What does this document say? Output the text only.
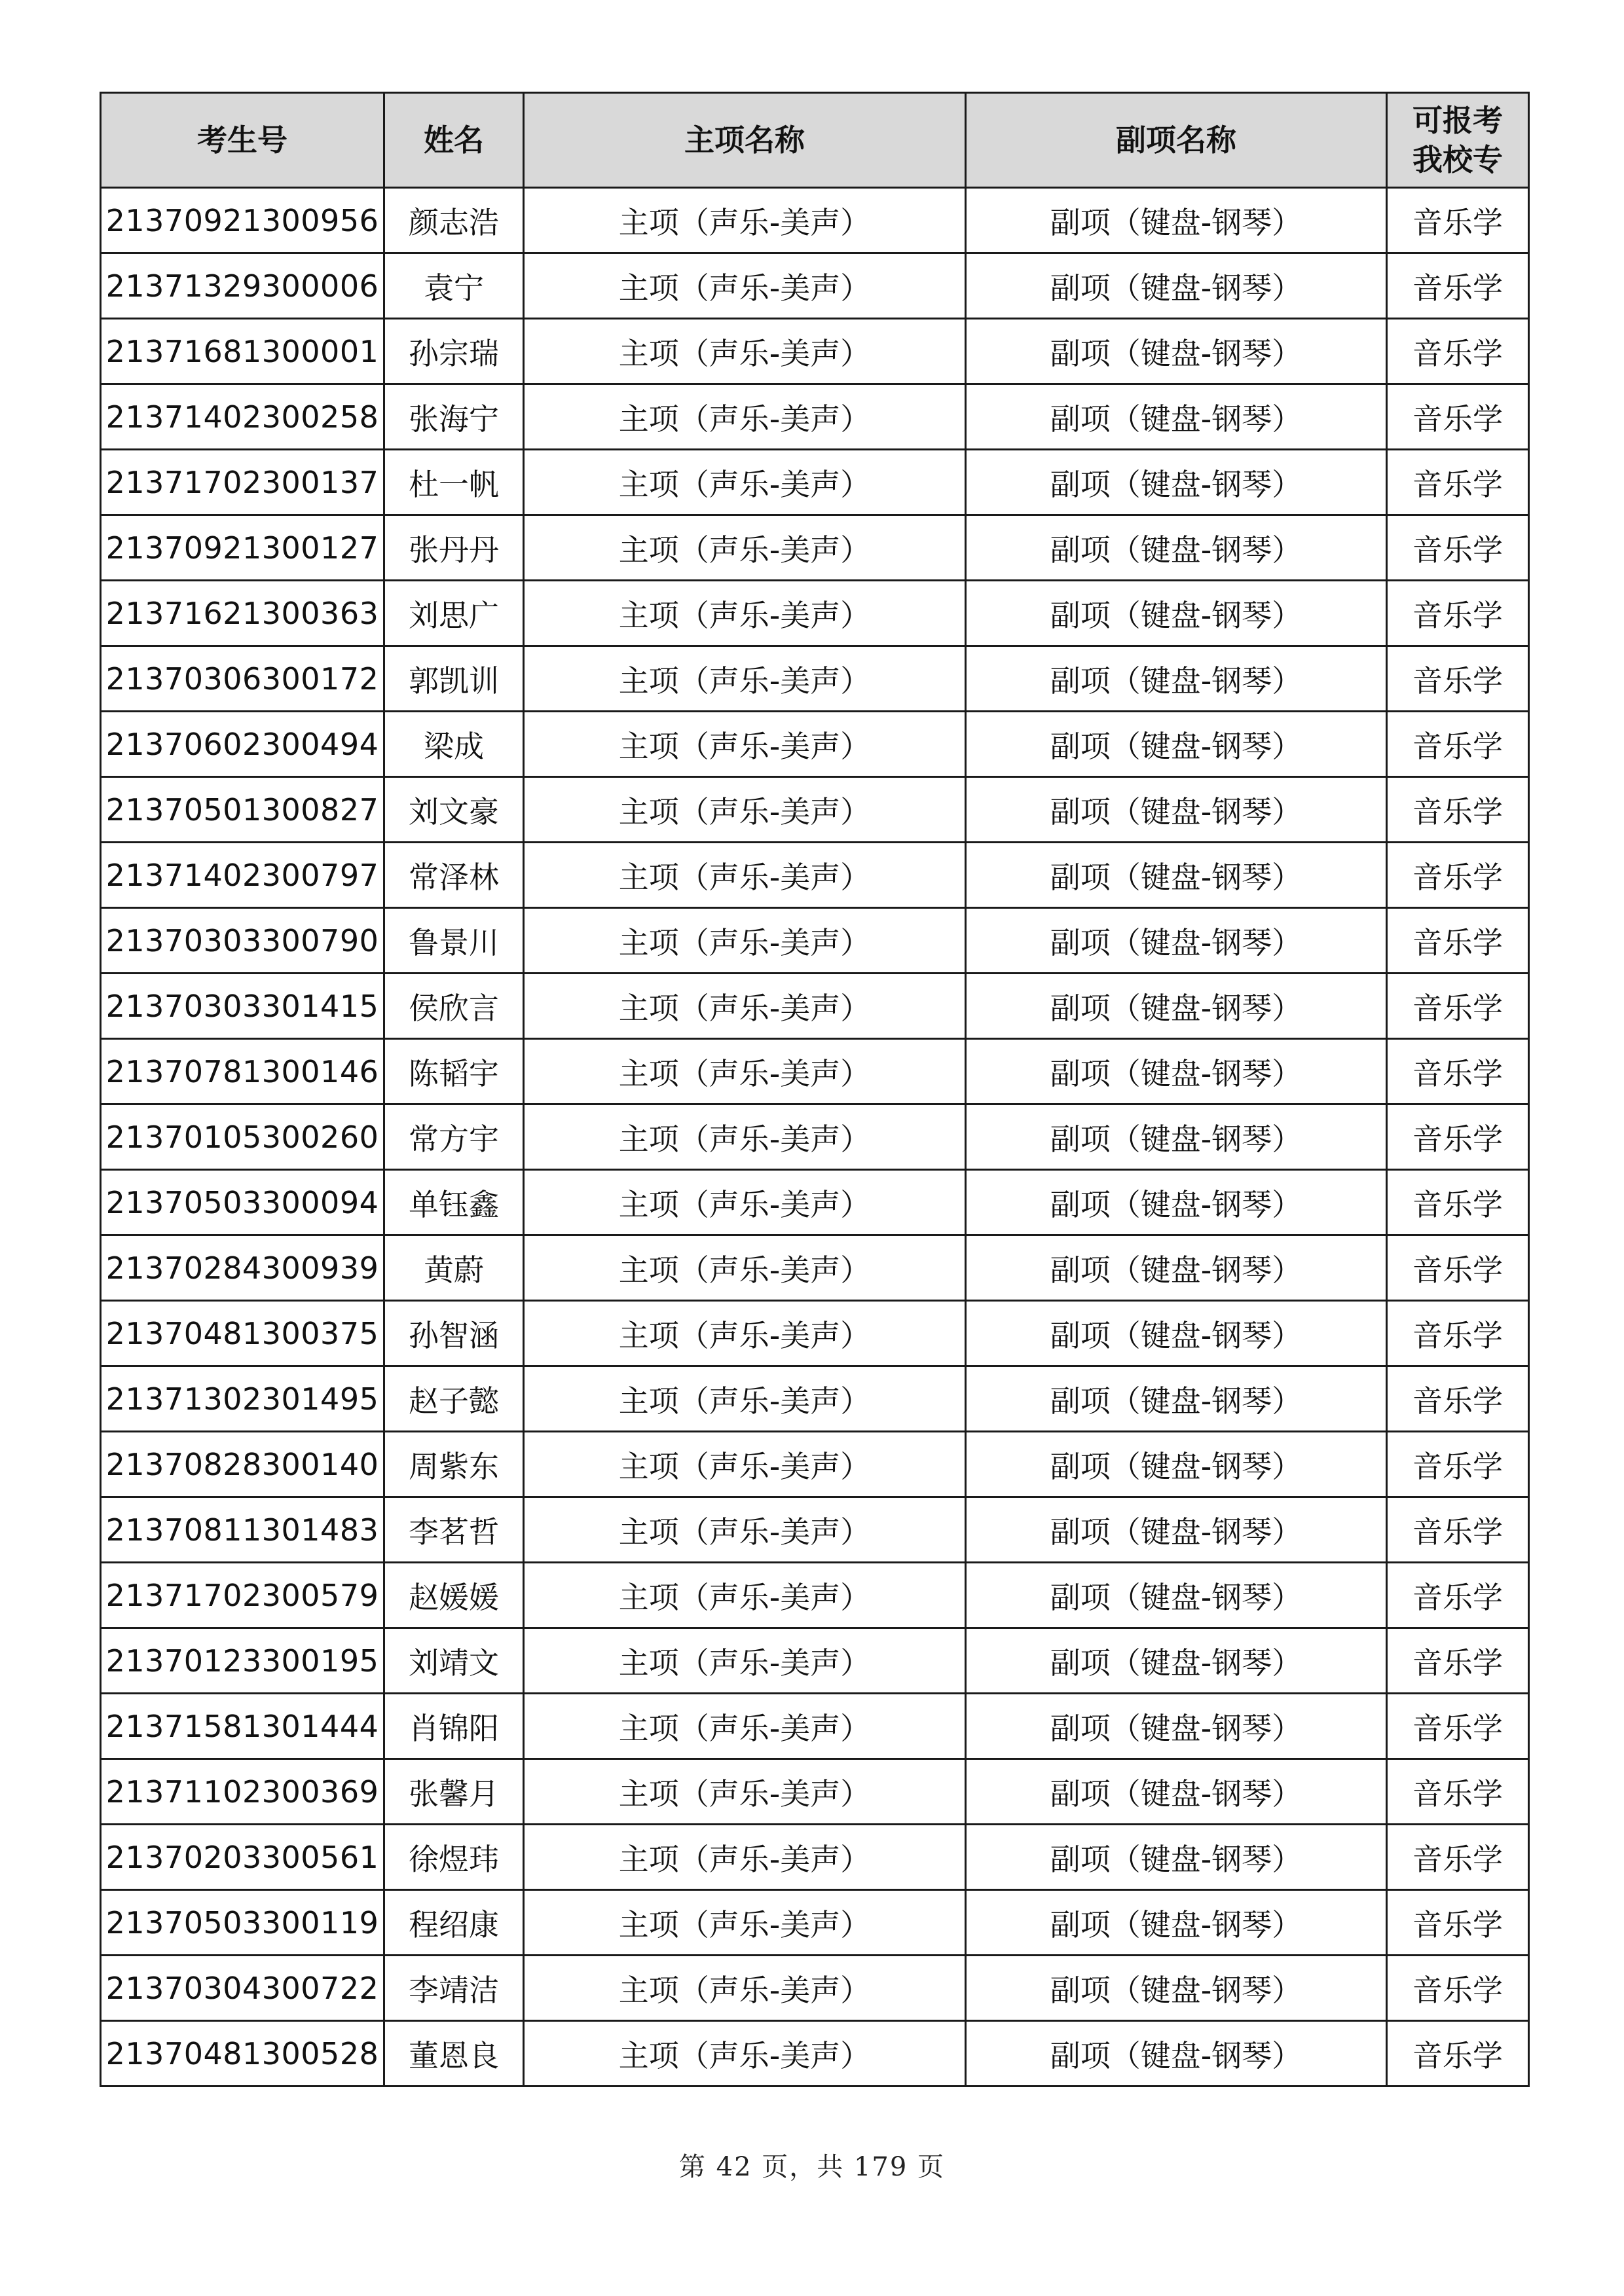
考生号	姓名	主项名称	副项名称	可报考
我校专

21370921300956	颜志浩	主项（声乐-美声）	副项（键盘-钢琴）	音乐学
21371329300006	袁宁	主项（声乐-美声）	副项（键盘-钢琴）	音乐学
21371681300001	孙宗瑞	主项（声乐-美声）	副项（键盘-钢琴）	音乐学
21371402300258	张海宁	主项（声乐-美声）	副项（键盘-钢琴）	音乐学
21371702300137	杜一帆	主项（声乐-美声）	副项（键盘-钢琴）	音乐学
21370921300127	张丹丹	主项（声乐-美声）	副项（键盘-钢琴）	音乐学
21371621300363	刘思广	主项（声乐-美声）	副项（键盘-钢琴）	音乐学
21370306300172	郭凯训	主项（声乐-美声）	副项（键盘-钢琴）	音乐学
21370602300494	梁成	主项（声乐-美声）	副项（键盘-钢琴）	音乐学
21370501300827	刘文豪	主项（声乐-美声）	副项（键盘-钢琴）	音乐学
21371402300797	常泽林	主项（声乐-美声）	副项（键盘-钢琴）	音乐学
21370303300790	鲁景川	主项（声乐-美声）	副项（键盘-钢琴）	音乐学
21370303301415	侯欣言	主项（声乐-美声）	副项（键盘-钢琴）	音乐学
21370781300146	陈韬宇	主项（声乐-美声）	副项（键盘-钢琴）	音乐学
21370105300260	常方宇	主项（声乐-美声）	副项（键盘-钢琴）	音乐学
21370503300094	单钰鑫	主项（声乐-美声）	副项（键盘-钢琴）	音乐学
21370284300939	黄蔚	主项（声乐-美声）	副项（键盘-钢琴）	音乐学
21370481300375	孙智涵	主项（声乐-美声）	副项（键盘-钢琴）	音乐学
21371302301495	赵子懿	主项（声乐-美声）	副项（键盘-钢琴）	音乐学
21370828300140	周紫东	主项（声乐-美声）	副项（键盘-钢琴）	音乐学
21370811301483	李茗哲	主项（声乐-美声）	副项（键盘-钢琴）	音乐学
21371702300579	赵媛媛	主项（声乐-美声）	副项（键盘-钢琴）	音乐学
21370123300195	刘靖文	主项（声乐-美声）	副项（键盘-钢琴）	音乐学
21371581301444	肖锦阳	主项（声乐-美声）	副项（键盘-钢琴）	音乐学
21371102300369	张馨月	主项（声乐-美声）	副项（键盘-钢琴）	音乐学
21370203300561	徐煜玮	主项（声乐-美声）	副项（键盘-钢琴）	音乐学
21370503300119	程绍康	主项（声乐-美声）	副项（键盘-钢琴）	音乐学
21370304300722	李靖洁	主项（声乐-美声）	副项（键盘-钢琴）	音乐学
21370481300528	董恩良	主项（声乐-美声）	副项（键盘-钢琴）	音乐学
第 42 页，共 179 页
